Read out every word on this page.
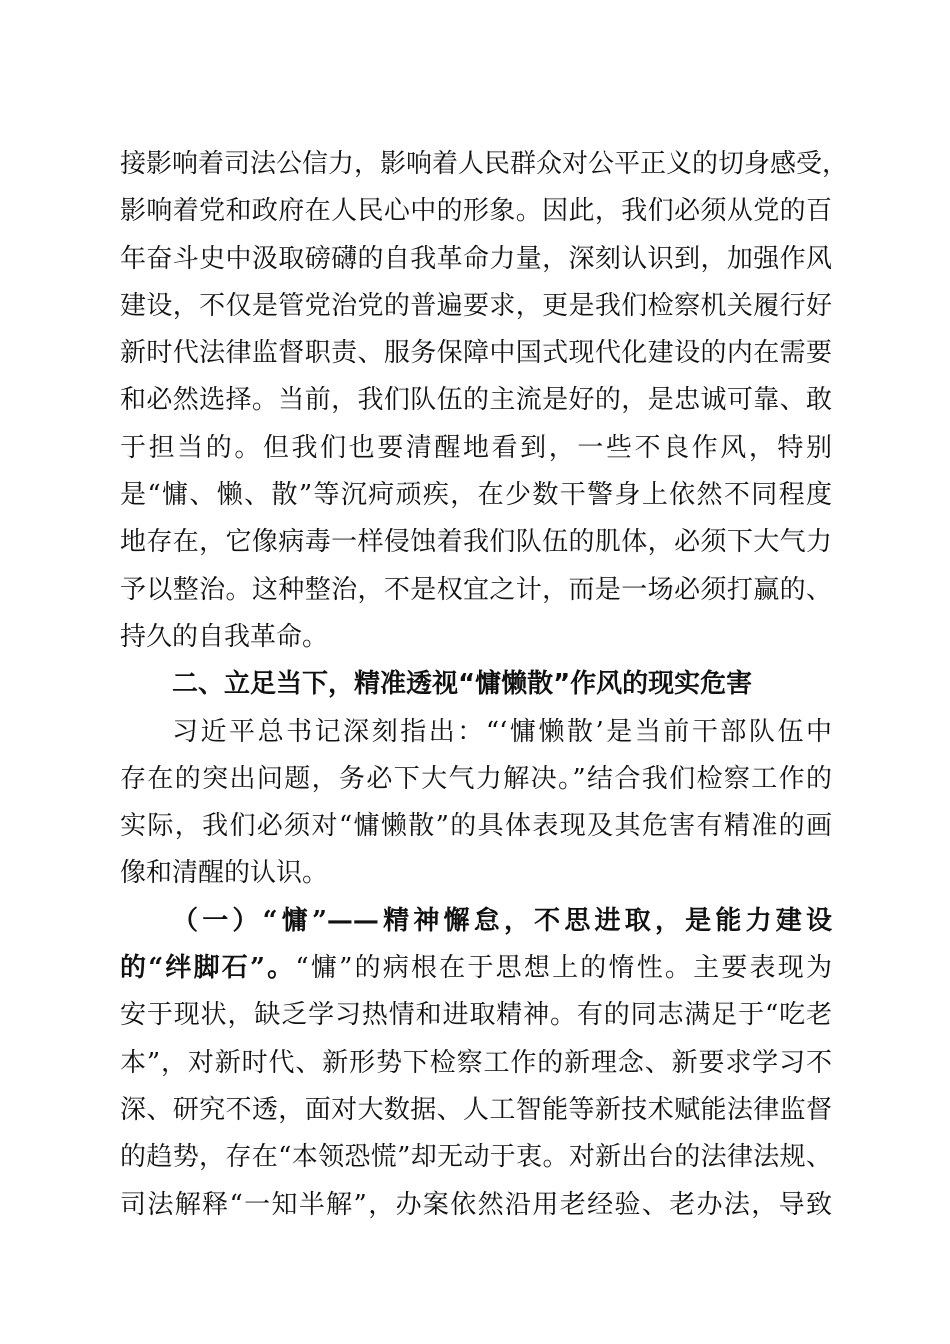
接影响着司法公信力，影响着人民群众对公平正义的切身感受，
影响着党和政府在人民心中的形象。因此，我们必须从党的百
年奋斗史中汲取磅礴的自我革命力量，深刻认识到，加强作风
建设，不仅是管党治党的普遍要求，更是我们检察机关履行好
新时代法律监督职责、服务保障中国式现代化建设的内在需要
和必然选择。当前，我们队伍的主流是好的，是忠诚可靠、敢
于担当的。但我们也要清醒地看到，一些不良作风，特别
是“慵、懒、散”等沉疴顽疾，在少数干警身上依然不同程度
地存在，它像病毒一样侵蚀着我们队伍的肌体，必须下大气力
予以整治。这种整治，不是权宜之计，而是一场必须打赢的、
持久的自我革命。
二、立足当下，精准透视“慵懒散”作风的现实危害
习近平总书记深刻指出：“‘慵懒散’是当前干部队伍中
存在的突出问题，务必下大气力解决。”结合我们检察工作的
实际，我们必须对“慵懒散”的具体表现及其危害有精准的画
像和清醒的认识。
（一）“慵”——精神懈怠，不思进取，是能力建设
的“绊脚石”。“慵”的病根在于思想上的惰性。主要表现为
安于现状，缺乏学习热情和进取精神。有的同志满足于“吃老
本”，对新时代、新形势下检察工作的新理念、新要求学习不
深、研究不透，面对大数据、人工智能等新技术赋能法律监督
的趋势，存在“本领恐慌”却无动于衷。对新出台的法律法规、
司法解释“一知半解”，办案依然沿用老经验、老办法，导致
